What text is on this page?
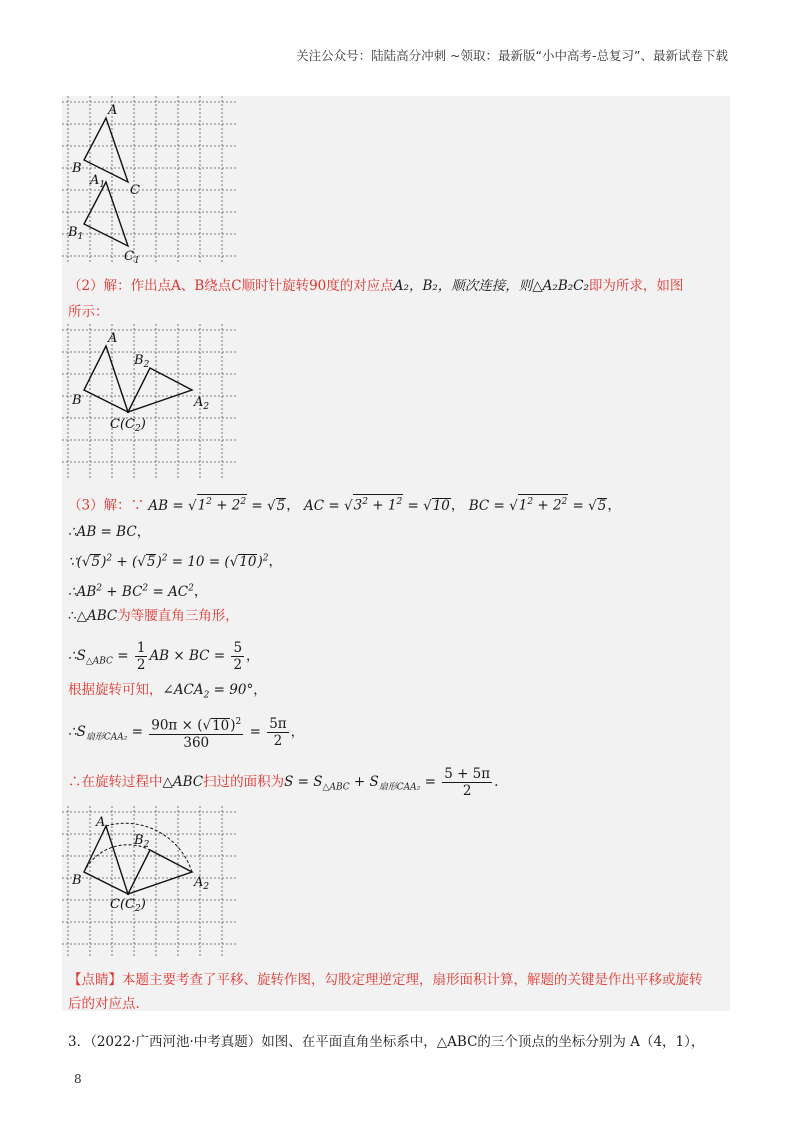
关注公众号：陆陆高分冲刺 ~领取：最新版“小中高考-总复习”、最新试卷下载
A
B
C
$A_1$
$B_1$
$C_1$
（2）解：作出点A、B绕点C顺时针旋转90度的对应点A₂，B₂，顺次连接，则△A₂B₂C₂即为所求，如图
所示：
A
B
$B_2$
$A_2$
$C(C_2)$
（3）解：∵ AB = $√1^2 + 2^2 = √5$， AC = $√3^2 + 1^2 = √10$， BC = $√1^2 + 2^2 = √5$，
∴AB = BC，
$\because(√5)^2 + (√5)^2 = 10 = (√10)^2$，
$\therefore AB^2 + BC^2 = AC^2$，
∴△ABC为等腰直角三角形，
$\therefore S_{\triangle ABC} = \frac{1}{2}$ AB × BC = $\frac{5}{2}$ ，
根据旋转可知，$\angle ACA_2 = 90^\circ$，
$\therefore S_{扇形CAA_2} = \frac{90\pi \times (√10)^2}{360} = \frac{5\pi}{2}$ ，
∴在旋转过程中△ABC扫过的面积为$S = S_{\triangle ABC} + S_{扇形CAA_2} = \frac{5 + 5\pi}{2}$ .
A
B
$B_2$
$A_2$
$C(C_2)$
【点睛】本题主要考查了平移、旋转作图，勾股定理逆定理，扇形面积计算，解题的关键是作出平移或旋转
后的对应点.
3．（2022·广西河池·中考真题）如图、在平面直角坐标系中，△ABC的三个顶点的坐标分别为 A（4，1），
8
